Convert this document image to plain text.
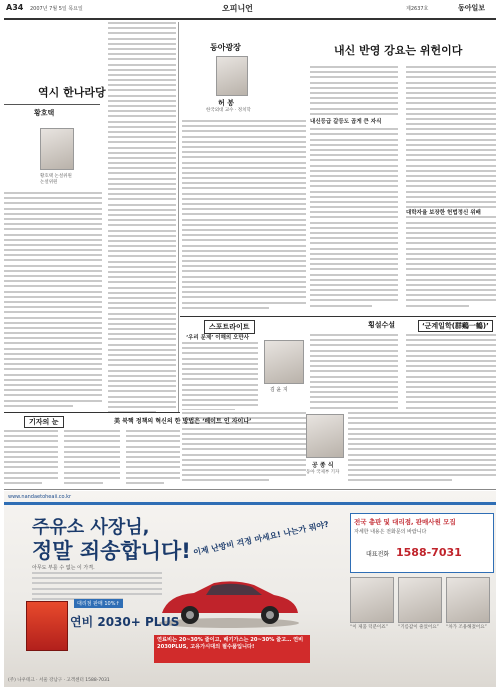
A34 2007년 7월 5일 목요일	오피니언	제2637호	동아일보
역시 한나라당
황호택
황호택 논설위원
논설위원
동아광장
허 봉
한국외대 교수 · 정치학
내신 반영 강요는 위헌이다
내신등급 갈등도 곱게 큰 자식
대학자율 보장한 헌법정신 위배
스포트라이트
‘우리 문제’ 이해의 오만사
김 윤 지
횡설수설	‘군계일학(群鷄一鶴)’
공 종 식
동아 국제부 기자
기자의 눈	美 북핵 정책의 혁신의 한 방법은 ‘베이트 인 자이나’
www.nandaetoheaii.co.kr
주유소 사장님,
정말 죄송합니다!
아무도 부를 수 없는 이 가격.
이제 난방비 걱정 마세요! 나는가 뭐야?
대리점 판매 10%↑
연비 2030+ PLUS
연료비는 20~30% 줄이고, 배기가스는 20~30% 줄고… 연비2030PLUS, 고유가시대의 필수품입니다!
전국 총판 및 대리점, 판매사원 모집
자세한 내용은 전화문의 바랍니다
대표전화 1588-7031
“이 제품 덕분이죠”	“기름값이 줄었어요”	“차가 조용해졌어요”
(주) 나우테크 · 서울 강남구 · 고객센터 1588-7031
